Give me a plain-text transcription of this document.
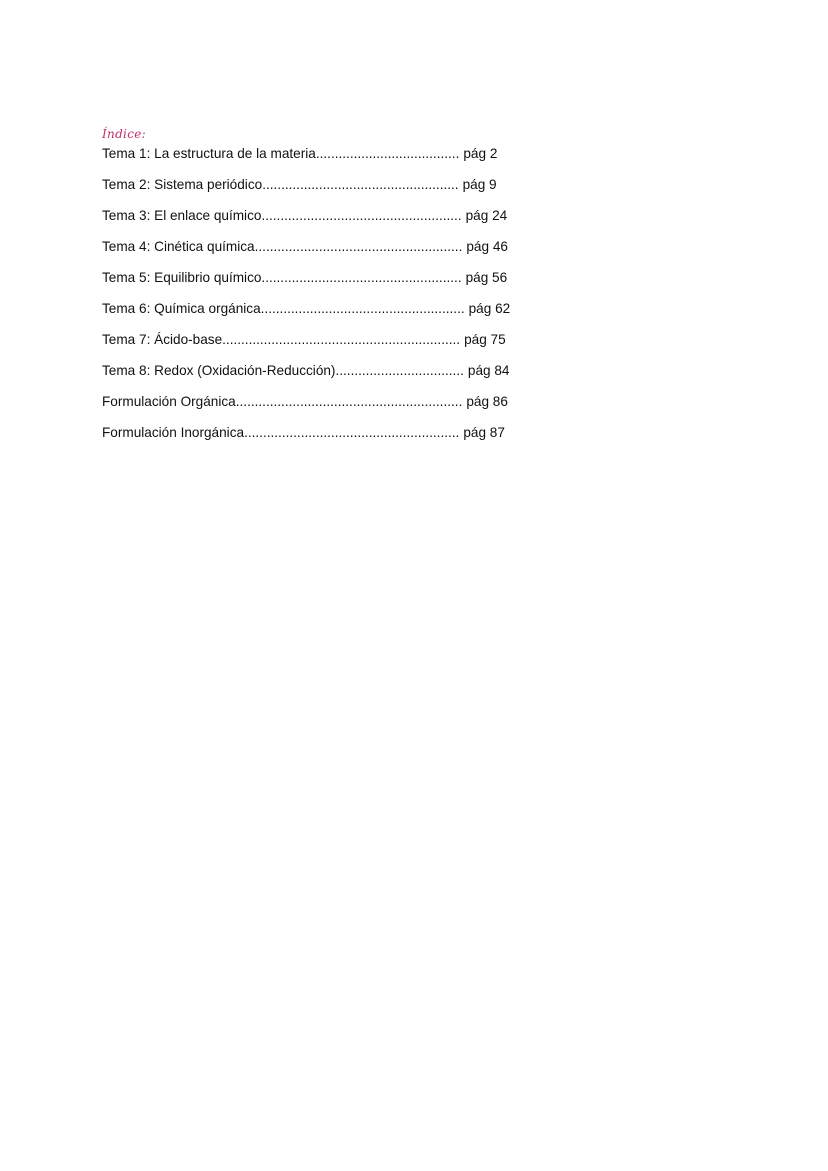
Índice:

Tema 1: La estructura de la materia...................................... pág 2
Tema 2: Sistema periódico.................................................... pág 9
Tema 3: El enlace químico..................................................... pág 24
Tema 4: Cinética química....................................................... pág 46
Tema 5: Equilibrio químico..................................................... pág 56
Tema 6: Química orgánica...................................................... pág 62
Tema 7: Ácido-base............................................................... pág 75
Tema 8: Redox (Oxidación-Reducción).................................. pág 84
Formulación Orgánica............................................................ pág 86
Formulación Inorgánica......................................................... pág 87
